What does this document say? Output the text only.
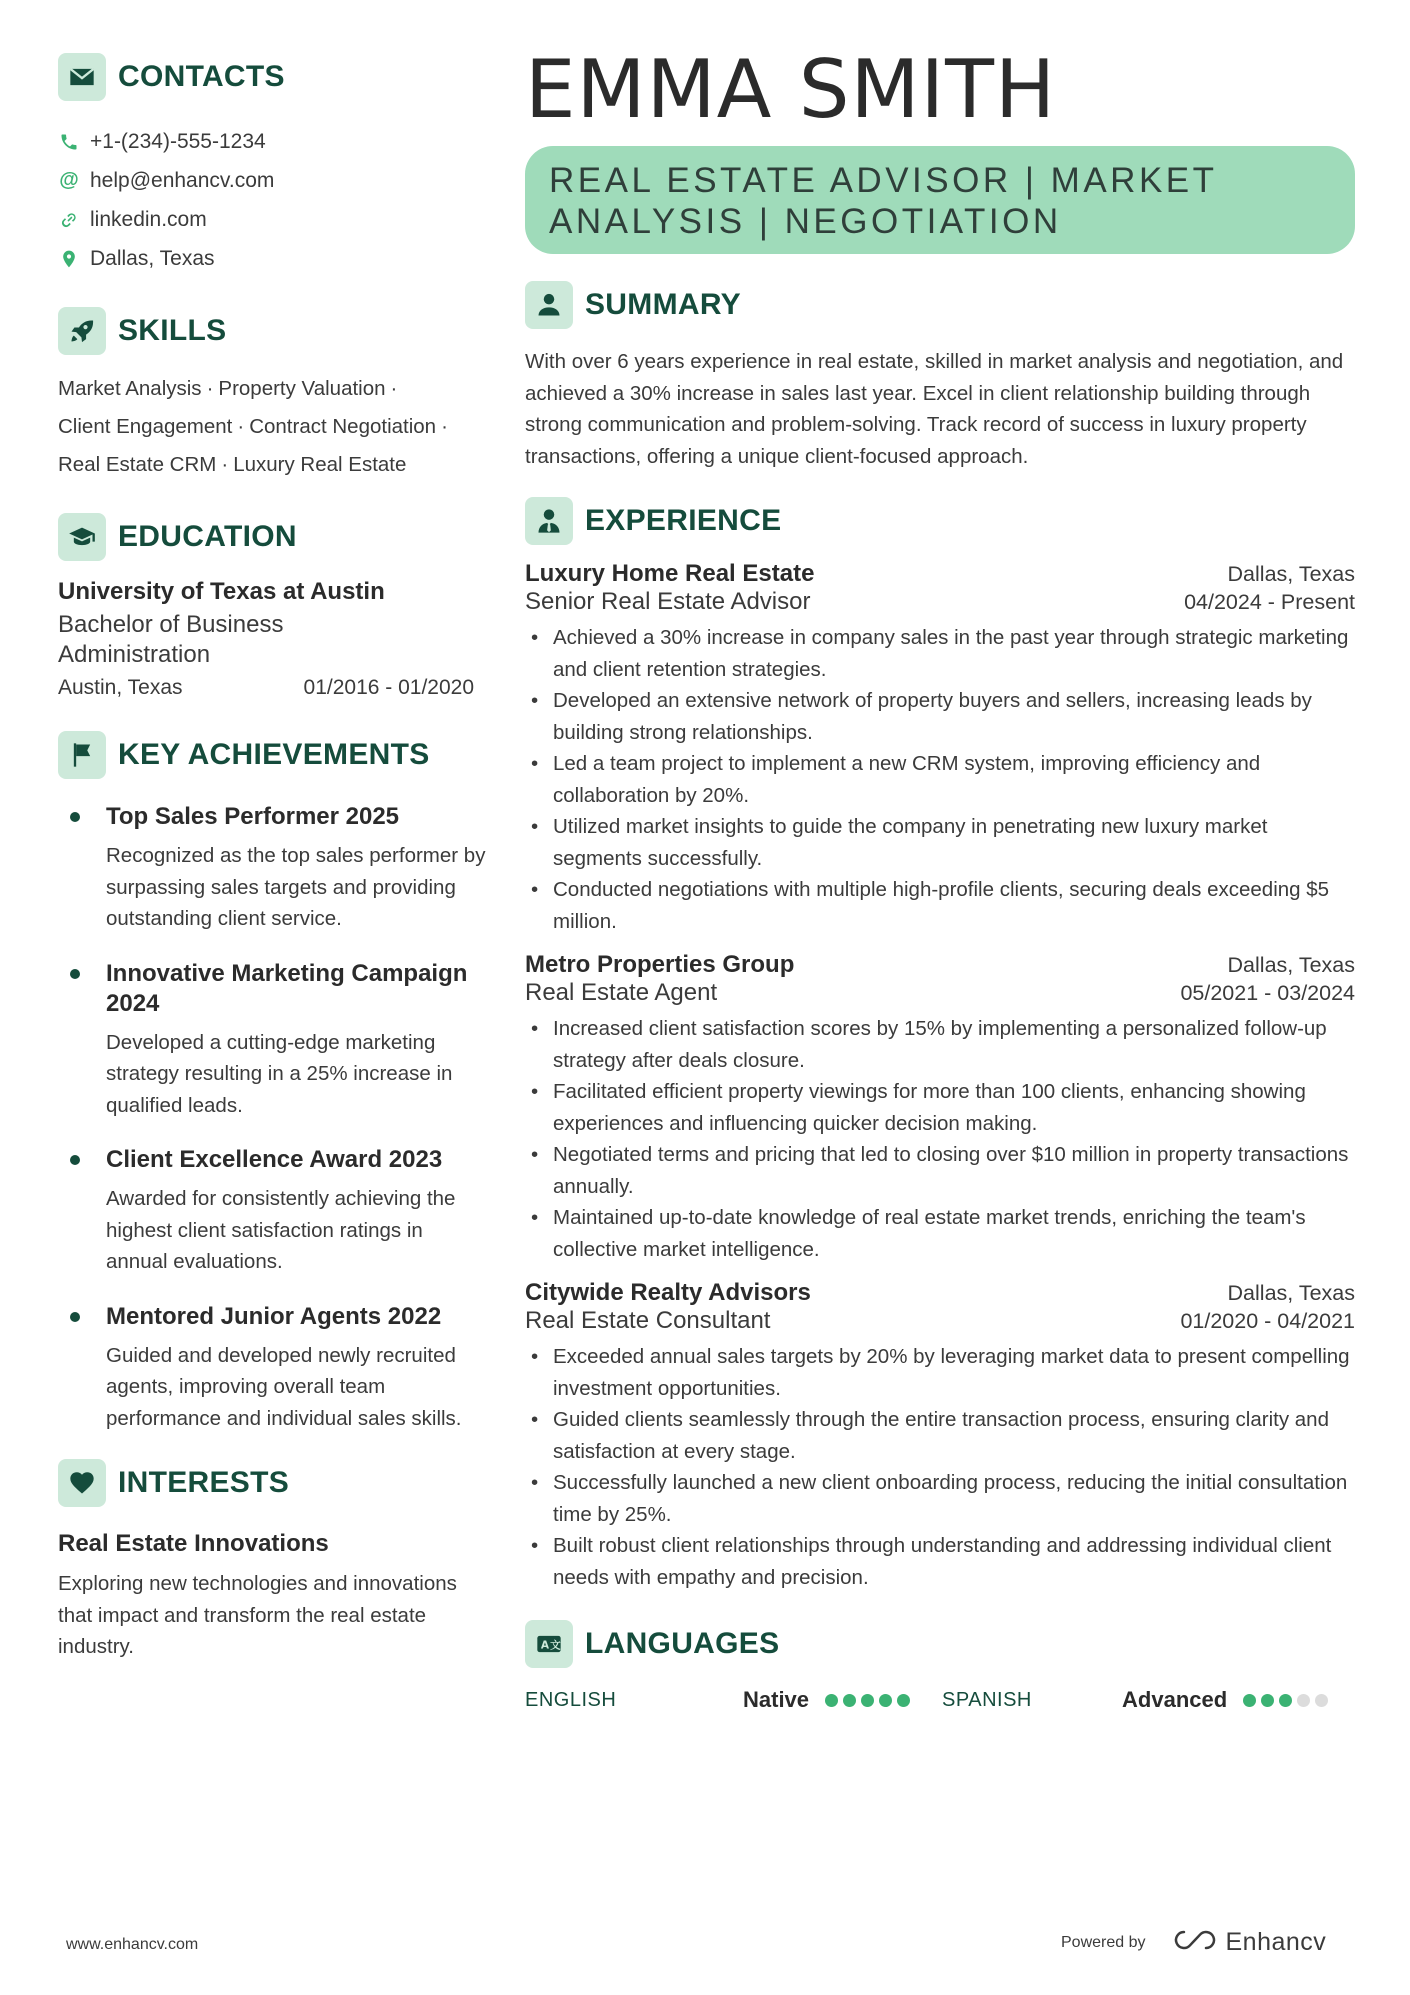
CONTACTS
+1-(234)-555-1234
@ help@enhancv.com
linkedin.com
Dallas, Texas
SKILLS
Market Analysis · Property Valuation ·
Client Engagement · Contract Negotiation ·
Real Estate CRM · Luxury Real Estate
EDUCATION
University of Texas at Austin
Bachelor of Business Administration
Austin, Texas	01/2016 - 01/2020
KEY ACHIEVEMENTS
Top Sales Performer 2025
Recognized as the top sales performer by surpassing sales targets and providing outstanding client service.
Innovative Marketing Campaign 2024
Developed a cutting-edge marketing strategy resulting in a 25% increase in qualified leads.
Client Excellence Award 2023
Awarded for consistently achieving the highest client satisfaction ratings in annual evaluations.
Mentored Junior Agents 2022
Guided and developed newly recruited agents, improving overall team performance and individual sales skills.
INTERESTS
Real Estate Innovations
Exploring new technologies and innovations that impact and transform the real estate industry.
EMMA SMITH
REAL ESTATE ADVISOR | MARKET
ANALYSIS | NEGOTIATION
SUMMARY
With over 6 years experience in real estate, skilled in market analysis and negotiation, and achieved a 30% increase in sales last year. Excel in client relationship building through strong communication and problem-solving. Track record of success in luxury property transactions, offering a unique client-focused approach.
EXPERIENCE
Luxury Home Real Estate	Dallas, Texas
Senior Real Estate Advisor	04/2024 - Present
• Achieved a 30% increase in company sales in the past year through strategic marketing and client retention strategies.
• Developed an extensive network of property buyers and sellers, increasing leads by building strong relationships.
• Led a team project to implement a new CRM system, improving efficiency and collaboration by 20%.
• Utilized market insights to guide the company in penetrating new luxury market segments successfully.
• Conducted negotiations with multiple high-profile clients, securing deals exceeding $5 million.
Metro Properties Group	Dallas, Texas
Real Estate Agent	05/2021 - 03/2024
• Increased client satisfaction scores by 15% by implementing a personalized follow-up strategy after deals closure.
• Facilitated efficient property viewings for more than 100 clients, enhancing showing experiences and influencing quicker decision making.
• Negotiated terms and pricing that led to closing over $10 million in property transactions annually.
• Maintained up-to-date knowledge of real estate market trends, enriching the team's collective market intelligence.
Citywide Realty Advisors	Dallas, Texas
Real Estate Consultant	01/2020 - 04/2021
• Exceeded annual sales targets by 20% by leveraging market data to present compelling investment opportunities.
• Guided clients seamlessly through the entire transaction process, ensuring clarity and satisfaction at every stage.
• Successfully launched a new client onboarding process, reducing the initial consultation time by 25%.
• Built robust client relationships through understanding and addressing individual client needs with empathy and precision.
A 文 LANGUAGES
ENGLISH	Native	SPANISH	Advanced
www.enhancv.com	Powered by	Enhancv
